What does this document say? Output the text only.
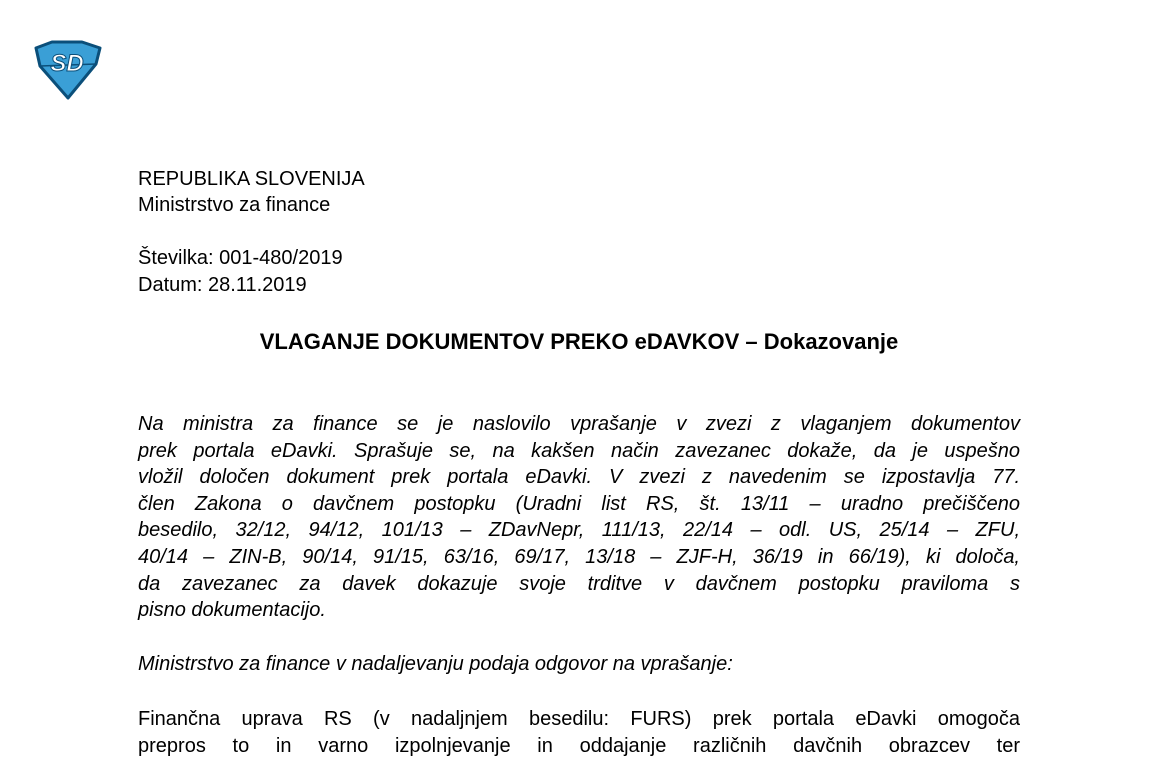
SD
REPUBLIKA SLOVENIJA
Ministrstvo za finance
Številka: 001-480/2019
Datum: 28.11.2019
VLAGANJE DOKUMENTOV PREKO eDAVKOV – Dokazovanje
Na ministra za finance se je naslovilo vprašanje v zvezi z vlaganjem dokumentov
prek portala eDavki. Sprašuje se, na kakšen način zavezanec dokaže, da je uspešno
vložil določen dokument prek portala eDavki. V zvezi z navedenim se izpostavlja 77.
člen Zakona o davčnem postopku (Uradni list RS, št. 13/11 – uradno prečiščeno
besedilo, 32/12, 94/12, 101/13 – ZDavNepr, 111/13, 22/14 – odl. US, 25/14 – ZFU,
40/14 – ZIN-B, 90/14, 91/15, 63/16, 69/17, 13/18 – ZJF-H, 36/19 in 66/19), ki določa,
da zavezanec za davek dokazuje svoje trditve v davčnem postopku praviloma s
pisno dokumentacijo.
Ministrstvo za finance v nadaljevanju podaja odgovor na vprašanje:
Finančna uprava RS (v nadaljnjem besedilu: FURS) prek portala eDavki omogoča
prepros to in varno izpolnjevanje in oddajanje različnih davčnih obrazcev ter
